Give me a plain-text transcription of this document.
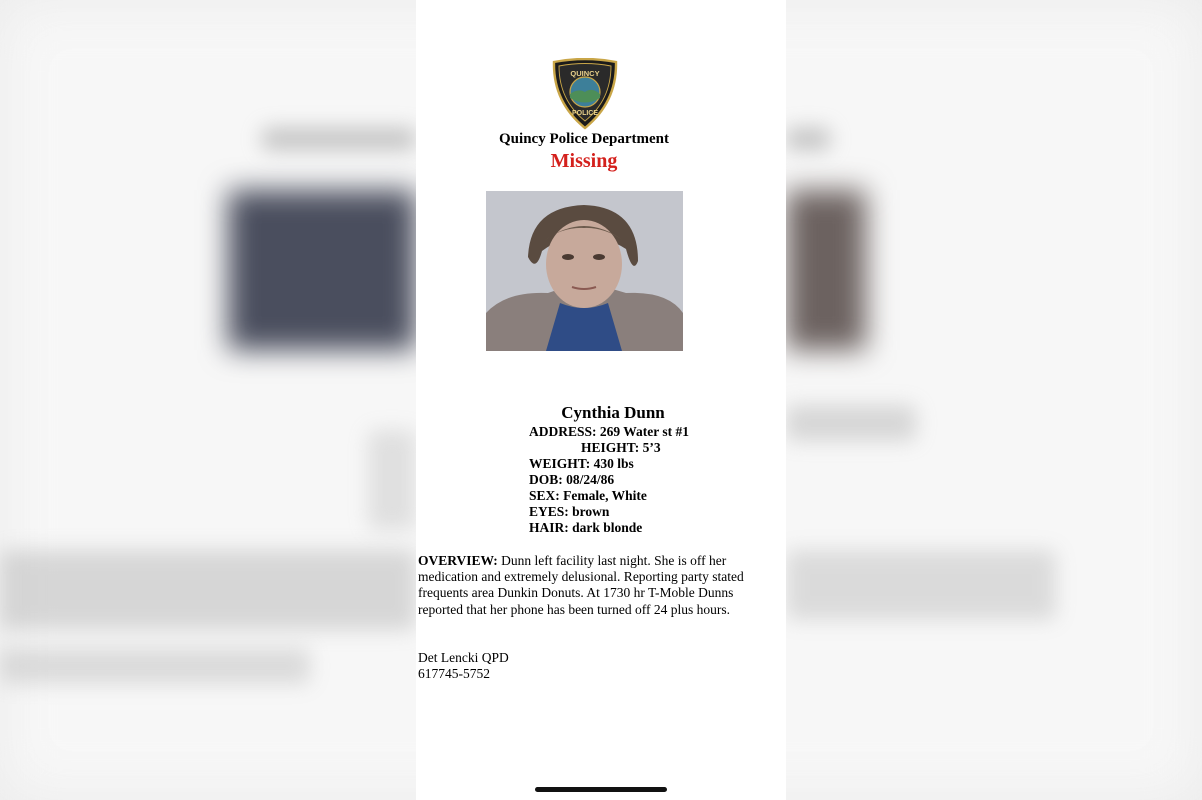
QUINCY
POLICE
Quincy Police Department
Missing
Cynthia Dunn
ADDRESS: 269 Water st #1
HEIGHT: 5’3
WEIGHT: 430 lbs
DOB: 08/24/86
SEX: Female, White
EYES: brown
HAIR: dark blonde
OVERVIEW: Dunn left facility last night. She is off her medication and extremely delusional. Reporting party stated frequents area Dunkin Donuts. At 1730 hr T-Moble Dunns reported that her phone has been turned off 24 plus hours.
Det Lencki QPD
617745-5752
